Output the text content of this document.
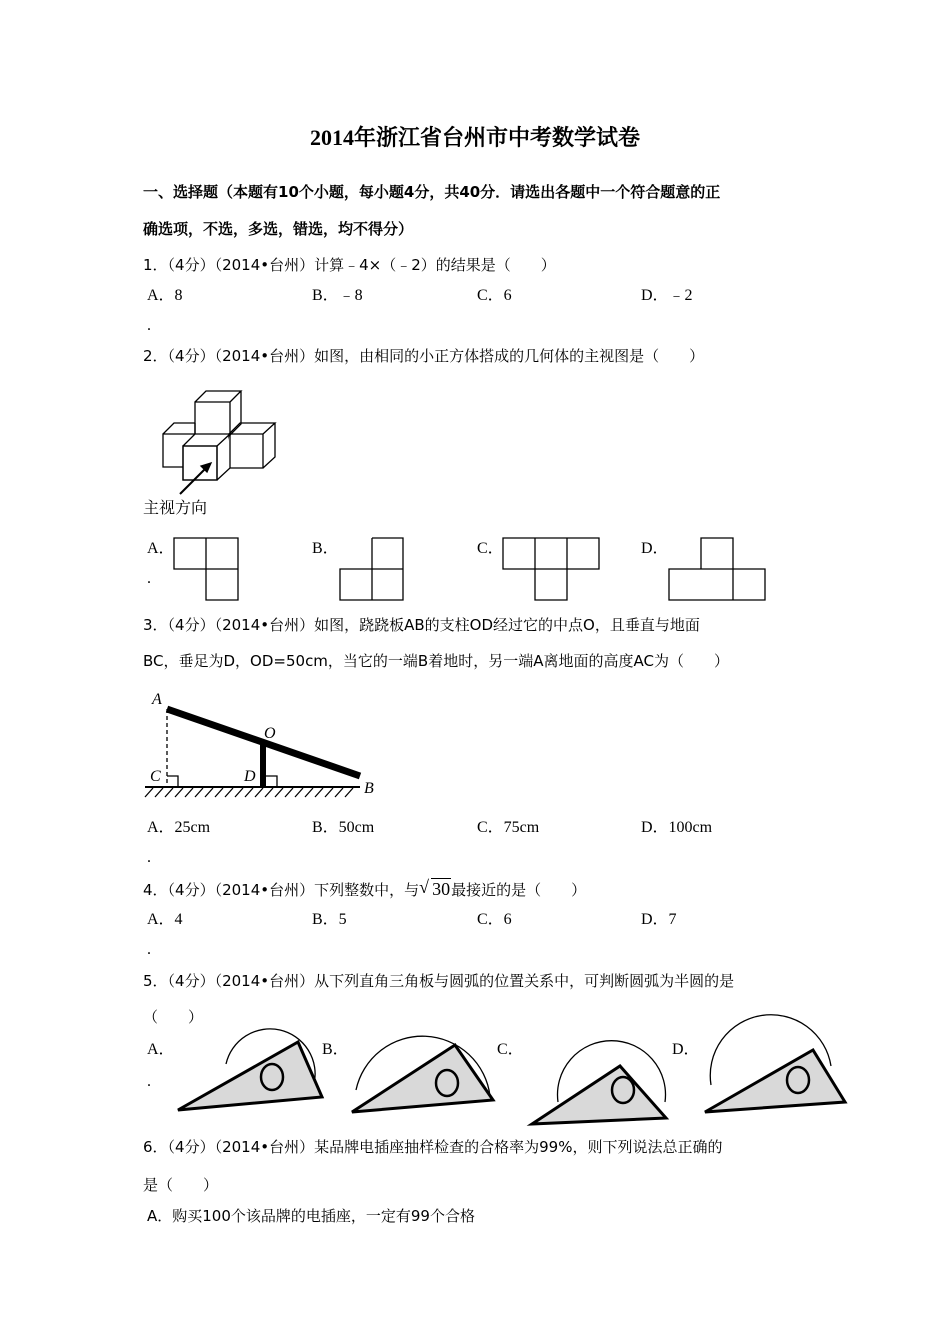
2014年浙江省台州市中考数学试卷
一、选择题（本题有10个小题，每小题4分，共40分．请选出各题中一个符合题意的正
确选项，不选，多选，错选，均不得分）
1．（4分）（2014•台州）计算﹣4×（﹣2）的结果是（　　）
A．8	B．﹣8	C．6	D．﹣2
2．（4分）（2014•台州）如图，由相同的小正方体搭成的几何体的主视图是（　　）
主视方向
A．	B．	C．	D．
3．（4分）（2014•台州）如图，跷跷板AB的支柱OD经过它的中点O，且垂直与地面
BC，垂足为D，OD=50cm，当它的一端B着地时，另一端A离地面的高度AC为（　　）
A
O
C	D
B
A．25cm	B．50cm	C．75cm	D．100cm
4．（4分）（2014•台州）下列整数中，与 √ 30最接近的是（　　）
A．4	B．5	C．6	D．7
5．（4分）（2014•台州）从下列直角三角板与圆弧的位置关系中，可判断圆弧为半圆的是
（　　）
A．	B．	C．	D．
6．（4分）（2014•台州）某品牌电插座抽样检查的合格率为99%，则下列说法总正确的
是（　　）
A．购买100个该品牌的电插座，一定有99个合格
.
.
.
.
.
